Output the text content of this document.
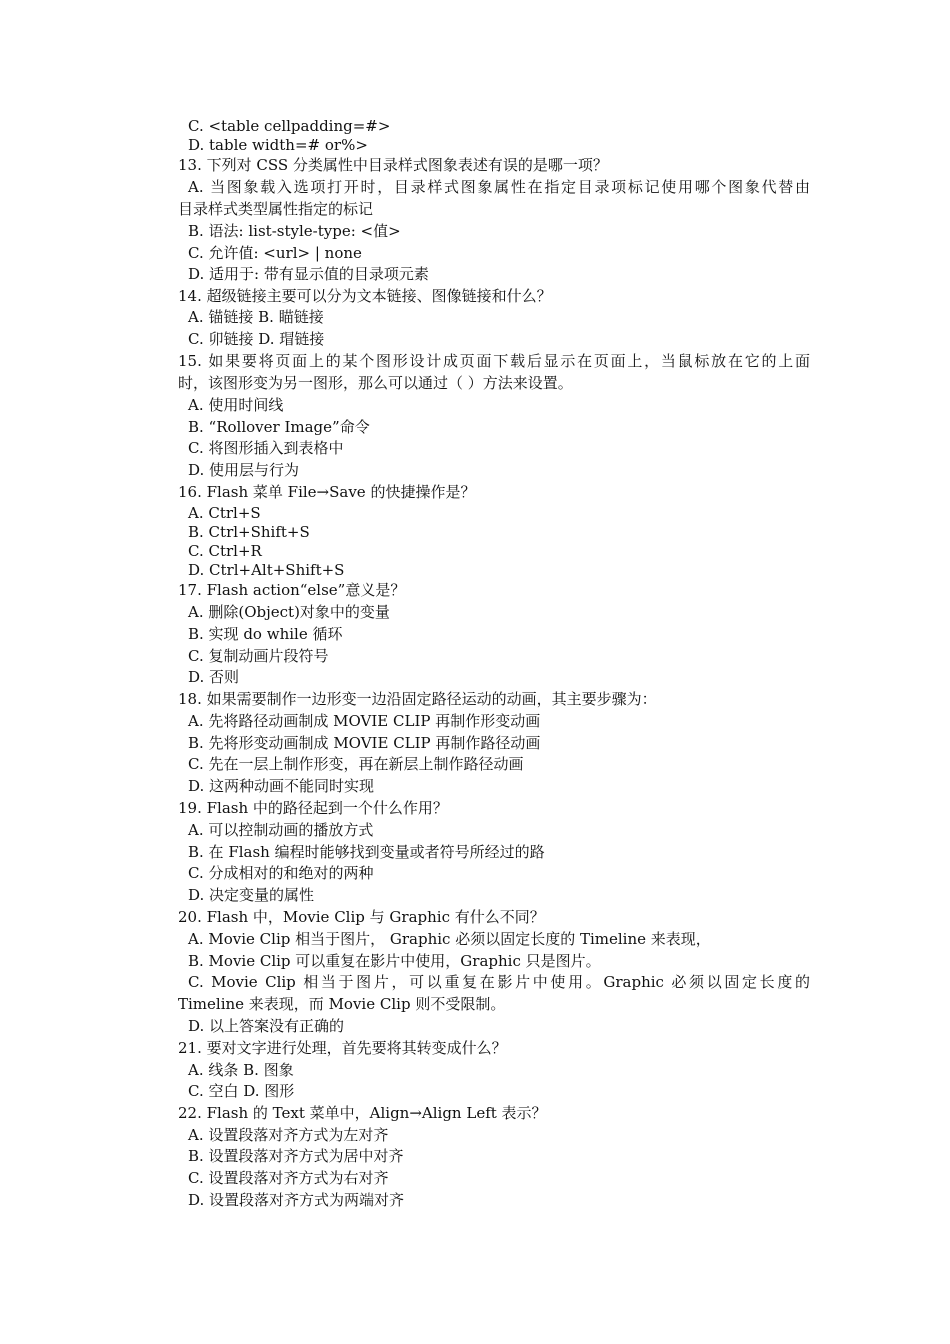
C. <table cellpadding=#>
D. table width=# or%>
13. 下列对 CSS 分类属性中目录样式图象表述有误的是哪一项？
A. 当图象载入选项打开时，目录样式图象属性在指定目录项标记使用哪个图象代替由
目录样式类型属性指定的标记
B. 语法: list-style-type: <值>
C. 允许值: <url> | none
D. 适用于: 带有显示值的目录项元素
14. 超级链接主要可以分为文本链接、图像链接和什么？
A. 锚链接 B. 瞄链接
C. 卯链接 D. 瑁链接
15. 如果要将页面上的某个图形设计成页面下载后显示在页面上，当鼠标放在它的上面
时，该图形变为另一图形，那么可以通过（ ）方法来设置。
A. 使用时间线
B. “Rollover Image”命令
C. 将图形插入到表格中
D. 使用层与行为
16. Flash 菜单 File→Save 的快捷操作是？
A. Ctrl+S
B. Ctrl+Shift+S
C. Ctrl+R
D. Ctrl+Alt+Shift+S
17. Flash action“else”意义是？
A. 删除(Object)对象中的变量
B. 实现 do while 循环
C. 复制动画片段符号
D. 否则
18. 如果需要制作一边形变一边沿固定路径运动的动画，其主要步骤为：
A. 先将路径动画制成 MOVIE CLIP 再制作形变动画
B. 先将形变动画制成 MOVIE CLIP 再制作路径动画
C. 先在一层上制作形变，再在新层上制作路径动画
D. 这两种动画不能同时实现
19. Flash 中的路径起到一个什么作用？
A. 可以控制动画的播放方式
B. 在 Flash 编程时能够找到变量或者符号所经过的路
C. 分成相对的和绝对的两种
D. 决定变量的属性
20. Flash 中，Movie Clip 与 Graphic 有什么不同？
A. Movie Clip 相当于图片， Graphic 必须以固定长度的 Timeline 来表现，
B. Movie Clip 可以重复在影片中使用，Graphic 只是图片。
C. Movie Clip 相当于图片，可以重复在影片中使用。Graphic 必须以固定长度的
Timeline 来表现，而 Movie Clip 则不受限制。
D. 以上答案没有正确的
21. 要对文字进行处理，首先要将其转变成什么？
A. 线条 B. 图象
C. 空白 D. 图形
22. Flash 的 Text 菜单中，Align→Align Left 表示？
A. 设置段落对齐方式为左对齐
B. 设置段落对齐方式为居中对齐
C. 设置段落对齐方式为右对齐
D. 设置段落对齐方式为两端对齐
